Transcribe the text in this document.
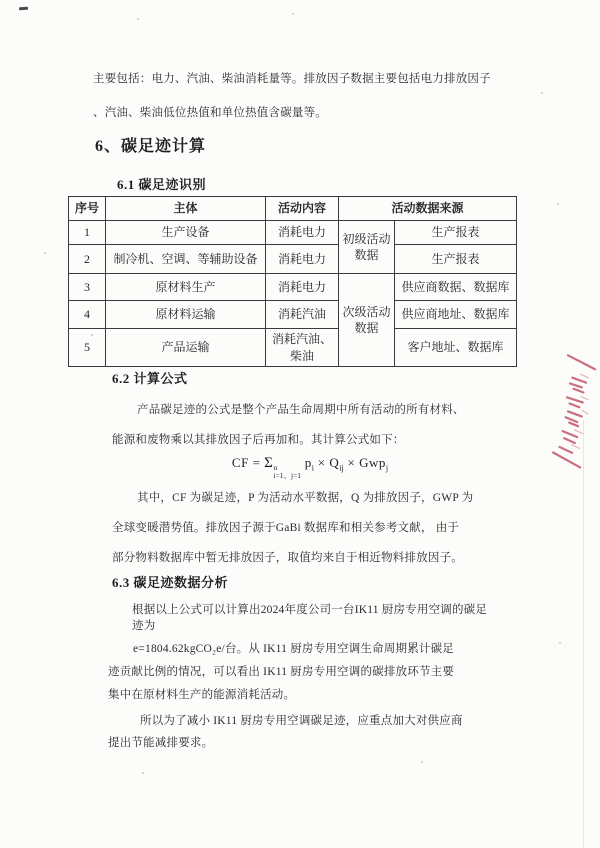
主要包括：电力、汽油、柴油消耗量等。排放因子数据主要包括电力排放因子
、汽油、柴油低位热值和单位热值含碳量等。
6、碳足迹计算
6.1 碳足迹识别
序号	主体	活动内容	活动数据来源	
1	生产设备	消耗电力	初级活动数据	生产报表
2	制冷机、空调、等辅助设备	消耗电力		生产报表
3	原材料生产	消耗电力	次级活动数据	供应商数据、数据库
4	原材料运输	消耗汽油		供应商地址、数据库
5	产品运输	消耗汽油、柴油		客户地址、数据库
6.2 计算公式
产品碳足迹的公式是整个产品生命周期中所有活动的所有材料、
能源和废物乘以其排放因子后再加和。其计算公式如下：
CF = Σ n
i=1、j=1
$p_i \times Q_{ij} \times Gwp_j$
其中，CF 为碳足迹，P 为活动水平数据，Q 为排放因子，GWP 为
全球变暖潜势值。排放因子源于GaBi 数据库和相关参考文献， 由于
部分物料数据库中暂无排放因子，取值均来自于相近物料排放因子。
6.3 碳足迹数据分析
根据以上公式可以计算出2024年度公司一台IK11 厨房专用空调的碳足
迹为
e=1804.62kgCO₂e/台。从 IK11 厨房专用空调生命周期累计碳足
迹贡献比例的情况，可以看出 IK11 厨房专用空调的碳排放环节主要
集中在原材料生产的能源消耗活动。
所以为了减小 IK11 厨房专用空调碳足迹，应重点加大对供应商
提出节能减排要求。
